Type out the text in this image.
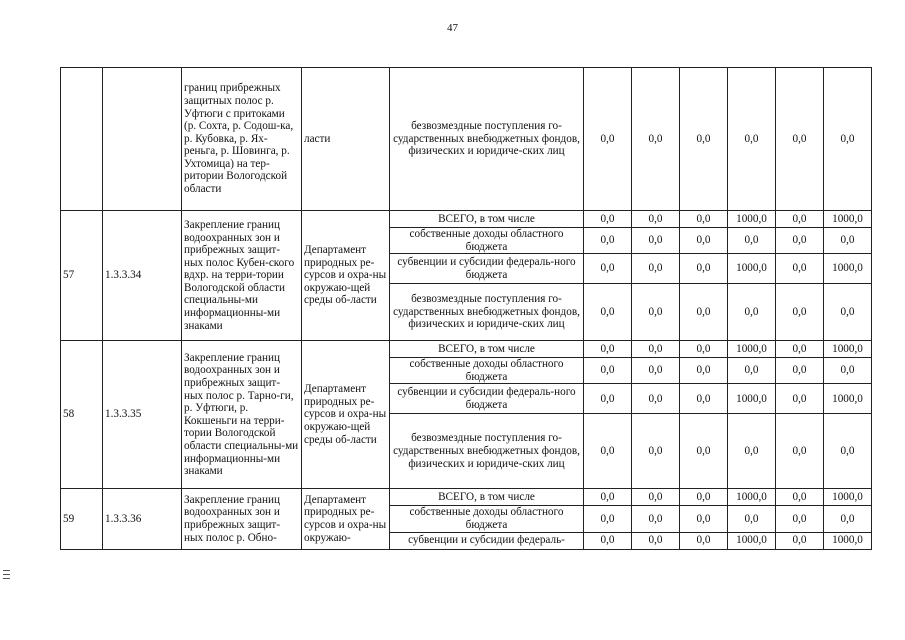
47
		границ прибрежных защитных полос р. Уфтюги с притоками (р. Сохта, р. Содош-ка, р. Кубовка, р. Ях-реньга, р. Шовинга, р. Ухтомица) на тер-ритории Вологодской области	ласти	безвозмездные поступления го-сударственных внебюджетных фондов, физических и юридиче-ских лиц	0,0	0,0	0,0	0,0	0,0	0,0
57	1.3.3.34	Закрепление границ водоохранных зон и прибрежных защит-ных полос Кубен-ского вдхр. на терри-тории Вологодской области специальны-ми информационны-ми знаками	Департамент природных ре-сурсов и охра-ны окружаю-щей среды об-ласти	ВСЕГО, в том числе	0,0	0,0	0,0	1000,0	0,0	1000,0
				собственные доходы областного бюджета	0,0	0,0	0,0	0,0	0,0	0,0
				субвенции и субсидии федераль-ного бюджета	0,0	0,0	0,0	1000,0	0,0	1000,0
				безвозмездные поступления го-сударственных внебюджетных фондов, физических и юридиче-ских лиц	0,0	0,0	0,0	0,0	0,0	0,0
58	1.3.3.35	Закрепление границ водоохранных зон и прибрежных защит-ных полос р. Тарно-ги, р. Уфтюги, р. Кокшеньги на терри-тории Вологодской области специальны-ми информационны-ми знаками	Департамент природных ре-сурсов и охра-ны окружаю-щей среды об-ласти	ВСЕГО, в том числе	0,0	0,0	0,0	1000,0	0,0	1000,0
				собственные доходы областного бюджета	0,0	0,0	0,0	0,0	0,0	0,0
				субвенции и субсидии федераль-ного бюджета	0,0	0,0	0,0	1000,0	0,0	1000,0
				безвозмездные поступления го-сударственных внебюджетных фондов, физических и юридиче-ских лиц	0,0	0,0	0,0	0,0	0,0	0,0
59	1.3.3.36	Закрепление границ водоохранных зон и прибрежных защит-ных полос р. Обно-	Департамент природных ре-сурсов и охра-ны окружаю-	ВСЕГО, в том числе	0,0	0,0	0,0	1000,0	0,0	1000,0
				собственные доходы областного бюджета	0,0	0,0	0,0	0,0	0,0	0,0
				субвенции и субсидии федераль-	0,0	0,0	0,0	1000,0	0,0	1000,0
